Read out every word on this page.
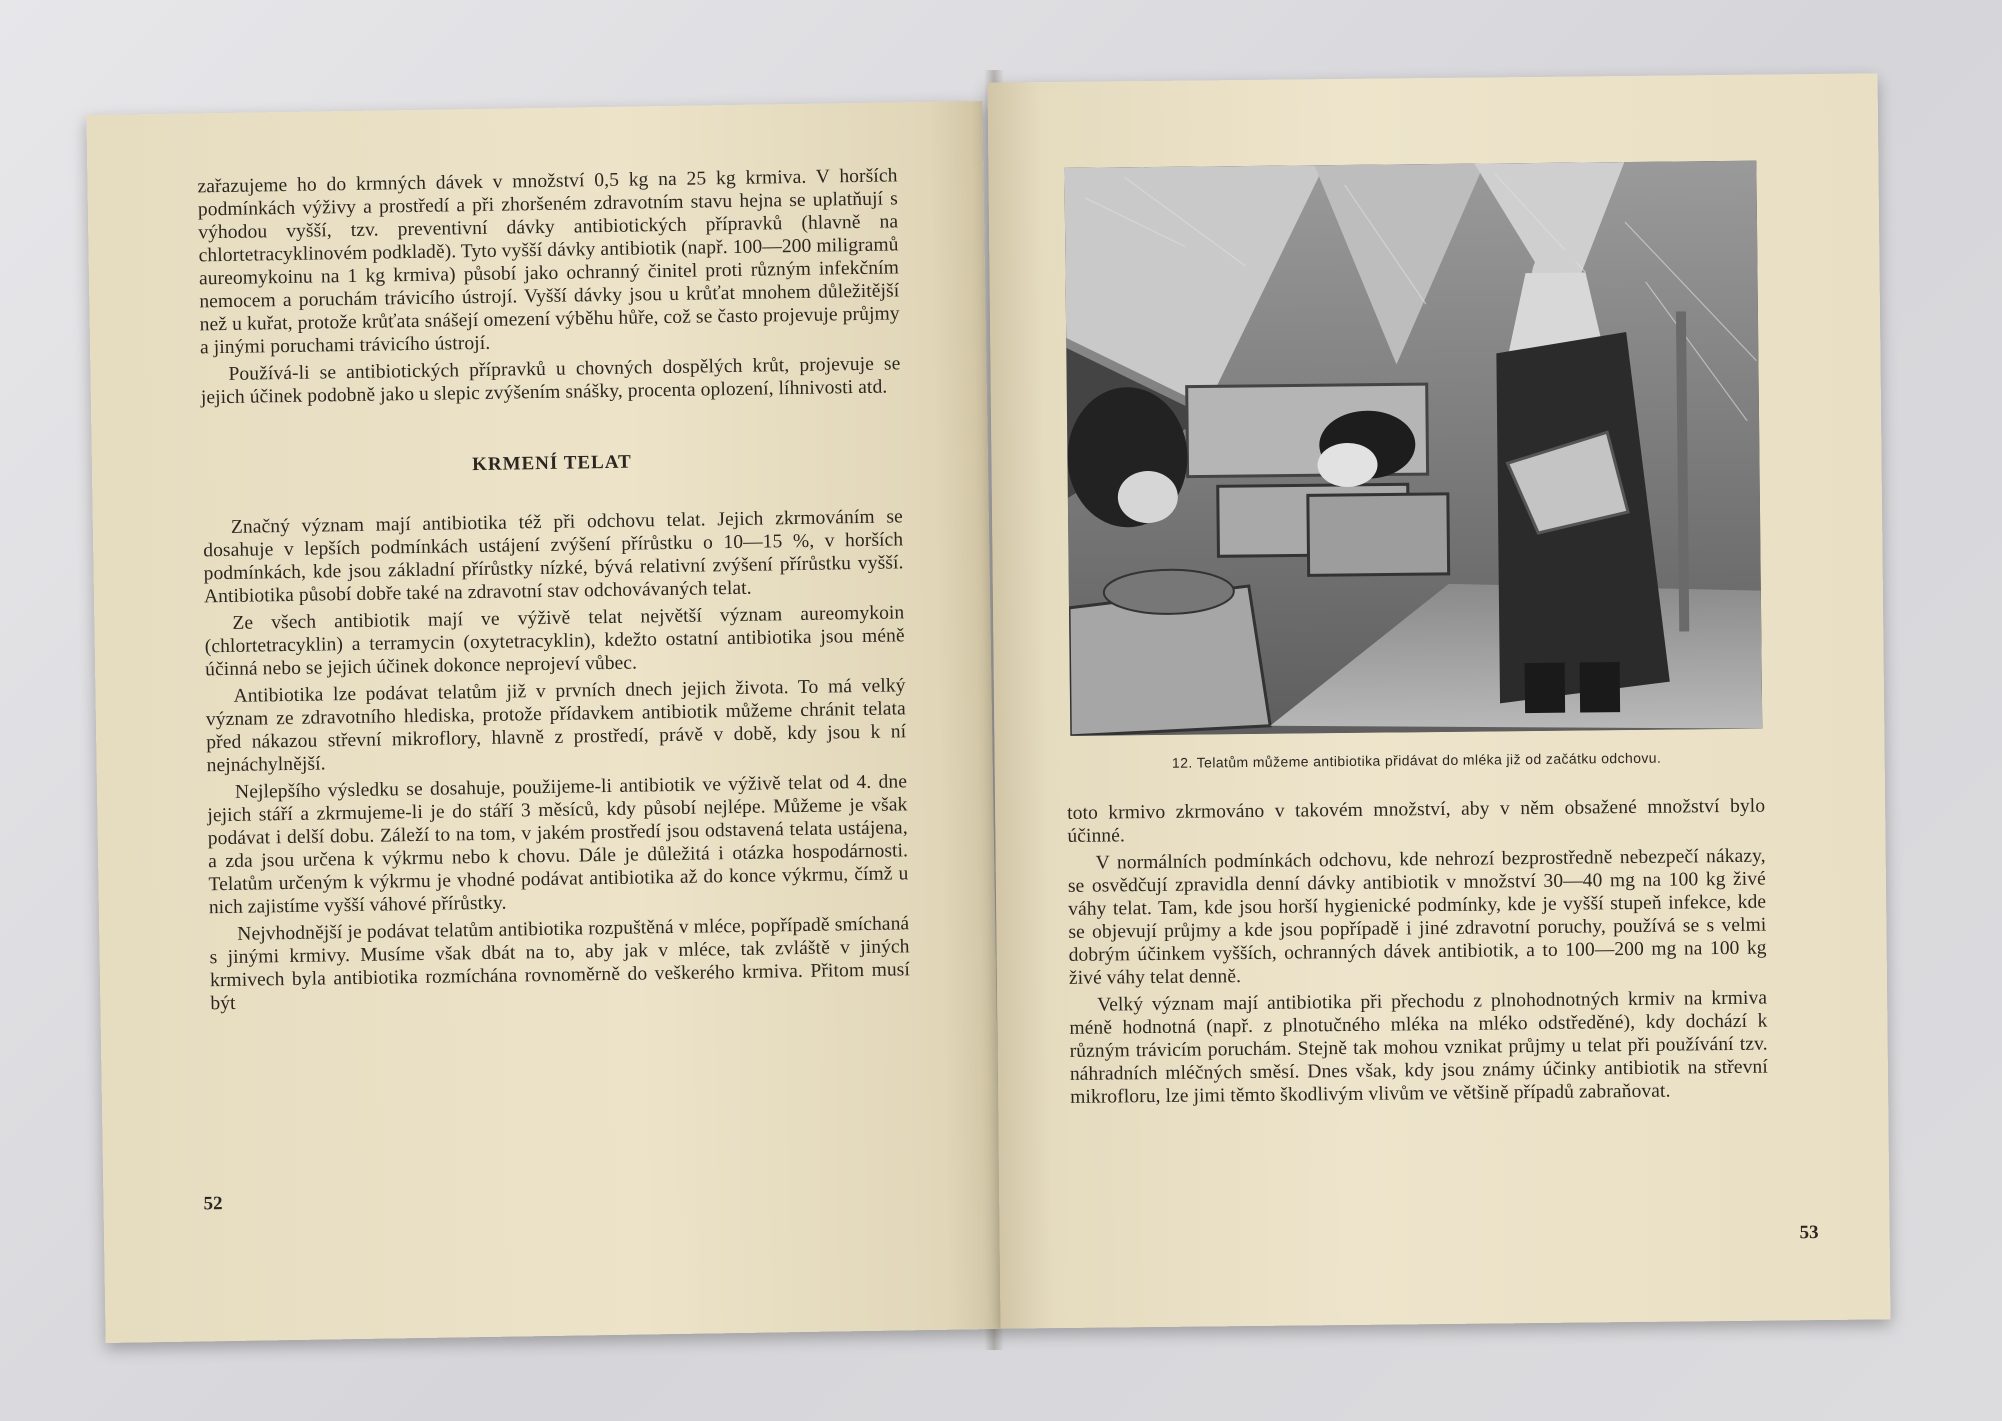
zařazujeme ho do krmných dávek v množství 0,5 kg na 25 kg krmiva. V horších podmínkách výživy a prostředí a při zhoršeném zdravotním stavu hejna se uplatňují s výhodou vyšší, tzv. preventivní dávky antibiotických přípravků (hlavně na chlortetracyklinovém podkladě). Tyto vyšší dávky antibiotik (např. 100—200 miligramů aureomykoinu na 1 kg krmiva) působí jako ochranný činitel proti různým infekčním nemocem a poruchám trávicího ústrojí. Vyšší dávky jsou u krůťat mnohem důležitější než u kuřat, protože krůťata snášejí omezení výběhu hůře, což se často projevuje průjmy a jinými poruchami trávicího ústrojí.

Používá-li se antibiotických přípravků u chovných dospělých krůt, projevuje se jejich účinek podobně jako u slepic zvýšením snášky, procenta oplození, líhnivosti atd.

KRMENÍ TELAT

Značný význam mají antibiotika též při odchovu telat. Jejich zkrmováním se dosahuje v lepších podmínkách ustájení zvýšení přírůstku o 10—15 %, v horších podmínkách, kde jsou základní přírůstky nízké, bývá relativní zvýšení přírůstku vyšší. Antibiotika působí dobře také na zdravotní stav odchovávaných telat.

Ze všech antibiotik mají ve výživě telat největší význam aureomykoin (chlortetracyklin) a terramycin (oxytetracyklin), kdežto ostatní antibiotika jsou méně účinná nebo se jejich účinek dokonce neprojeví vůbec.

Antibiotika lze podávat telatům již v prvních dnech jejich života. To má velký význam ze zdravotního hlediska, protože přídavkem antibiotik můžeme chránit telata před nákazou střevní mikroflory, hlavně z prostředí, právě v době, kdy jsou k ní nejnáchylnější.

Nejlepšího výsledku se dosahuje, použijeme-li antibiotik ve výživě telat od 4. dne jejich stáří a zkrmujeme-li je do stáří 3 měsíců, kdy působí nejlépe. Můžeme je však podávat i delší dobu. Záleží to na tom, v jakém prostředí jsou odstavená telata ustájena, a zda jsou určena k výkrmu nebo k chovu. Dále je důležitá i otázka hospodárnosti. Telatům určeným k výkrmu je vhodné podávat antibiotika až do konce výkrmu, čímž u nich zajistíme vyšší váhové přírůstky.

Nejvhodnější je podávat telatům antibiotika rozpuštěná v mléce, popřípadě smíchaná s jinými krmivy. Musíme však dbát na to, aby jak v mléce, tak zvláště v jiných krmivech byla antibiotika rozmíchána rovnoměrně do veškerého krmiva. Přitom musí být

52
12. Telatům můžeme antibiotika přidávat do mléka již od začátku odchovu.

toto krmivo zkrmováno v takovém množství, aby v něm obsažené množství bylo účinné.

V normálních podmínkách odchovu, kde nehrozí bezprostředně nebezpečí nákazy, se osvědčují zpravidla denní dávky antibiotik v množství 30—40 mg na 100 kg živé váhy telat. Tam, kde jsou horší hygienické podmínky, kde je vyšší stupeň infekce, kde se objevují průjmy a kde jsou popřípadě i jiné zdravotní poruchy, používá se s velmi dobrým účinkem vyšších, ochranných dávek antibiotik, a to 100—200 mg na 100 kg živé váhy telat denně.

Velký význam mají antibiotika při přechodu z plnohodnotných krmiv na krmiva méně hodnotná (např. z plnotučného mléka na mléko odstředěné), kdy dochází k různým trávicím poruchám. Stejně tak mohou vznikat průjmy u telat při používání tzv. náhradních mléčných směsí. Dnes však, kdy jsou známy účinky antibiotik na střevní mikrofloru, lze jimi těmto škodlivým vlivům ve většině případů zabraňovat.

53
